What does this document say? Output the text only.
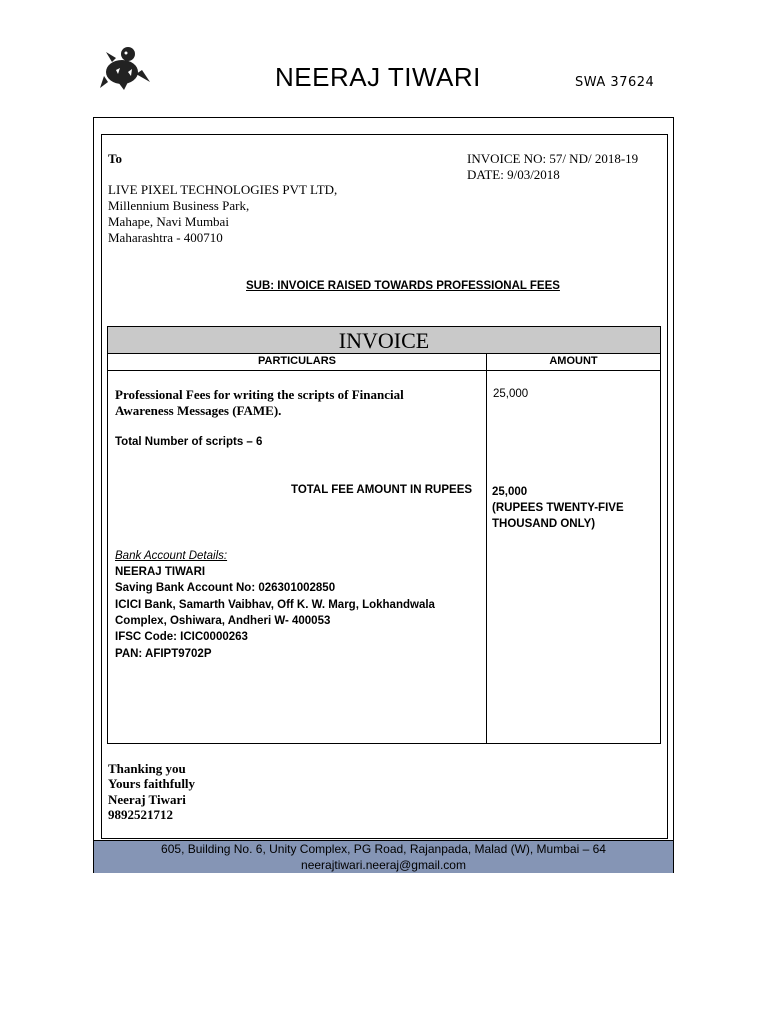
NEERAJ TIWARI	SWA 37624
To
LIVE PIXEL TECHNOLOGIES PVT LTD,
Millennium Business Park,
Mahape, Navi Mumbai
Maharashtra - 400710
INVOICE NO: 57/ ND/ 2018-19
DATE: 9/03/2018
SUB: INVOICE RAISED TOWARDS PROFESSIONAL FEES
INVOICE
PARTICULARS	AMOUNT
Professional Fees for writing the scripts of Financial
Awareness Messages (FAME).
Total Number of scripts – 6
TOTAL FEE AMOUNT IN RUPEES
25,000
25,000
(RUPEES TWENTY-FIVE
THOUSAND ONLY)
Bank Account Details:
NEERAJ TIWARI
Saving Bank Account No: 026301002850
ICICI Bank, Samarth Vaibhav, Off K. W. Marg, Lokhandwala
Complex, Oshiwara, Andheri W- 400053
IFSC Code: ICIC0000263
PAN: AFIPT9702P
Thanking you
Yours faithfully
Neeraj Tiwari
9892521712
605, Building No. 6, Unity Complex, PG Road, Rajanpada, Malad (W), Mumbai – 64
neerajtiwari.neeraj@gmail.com
